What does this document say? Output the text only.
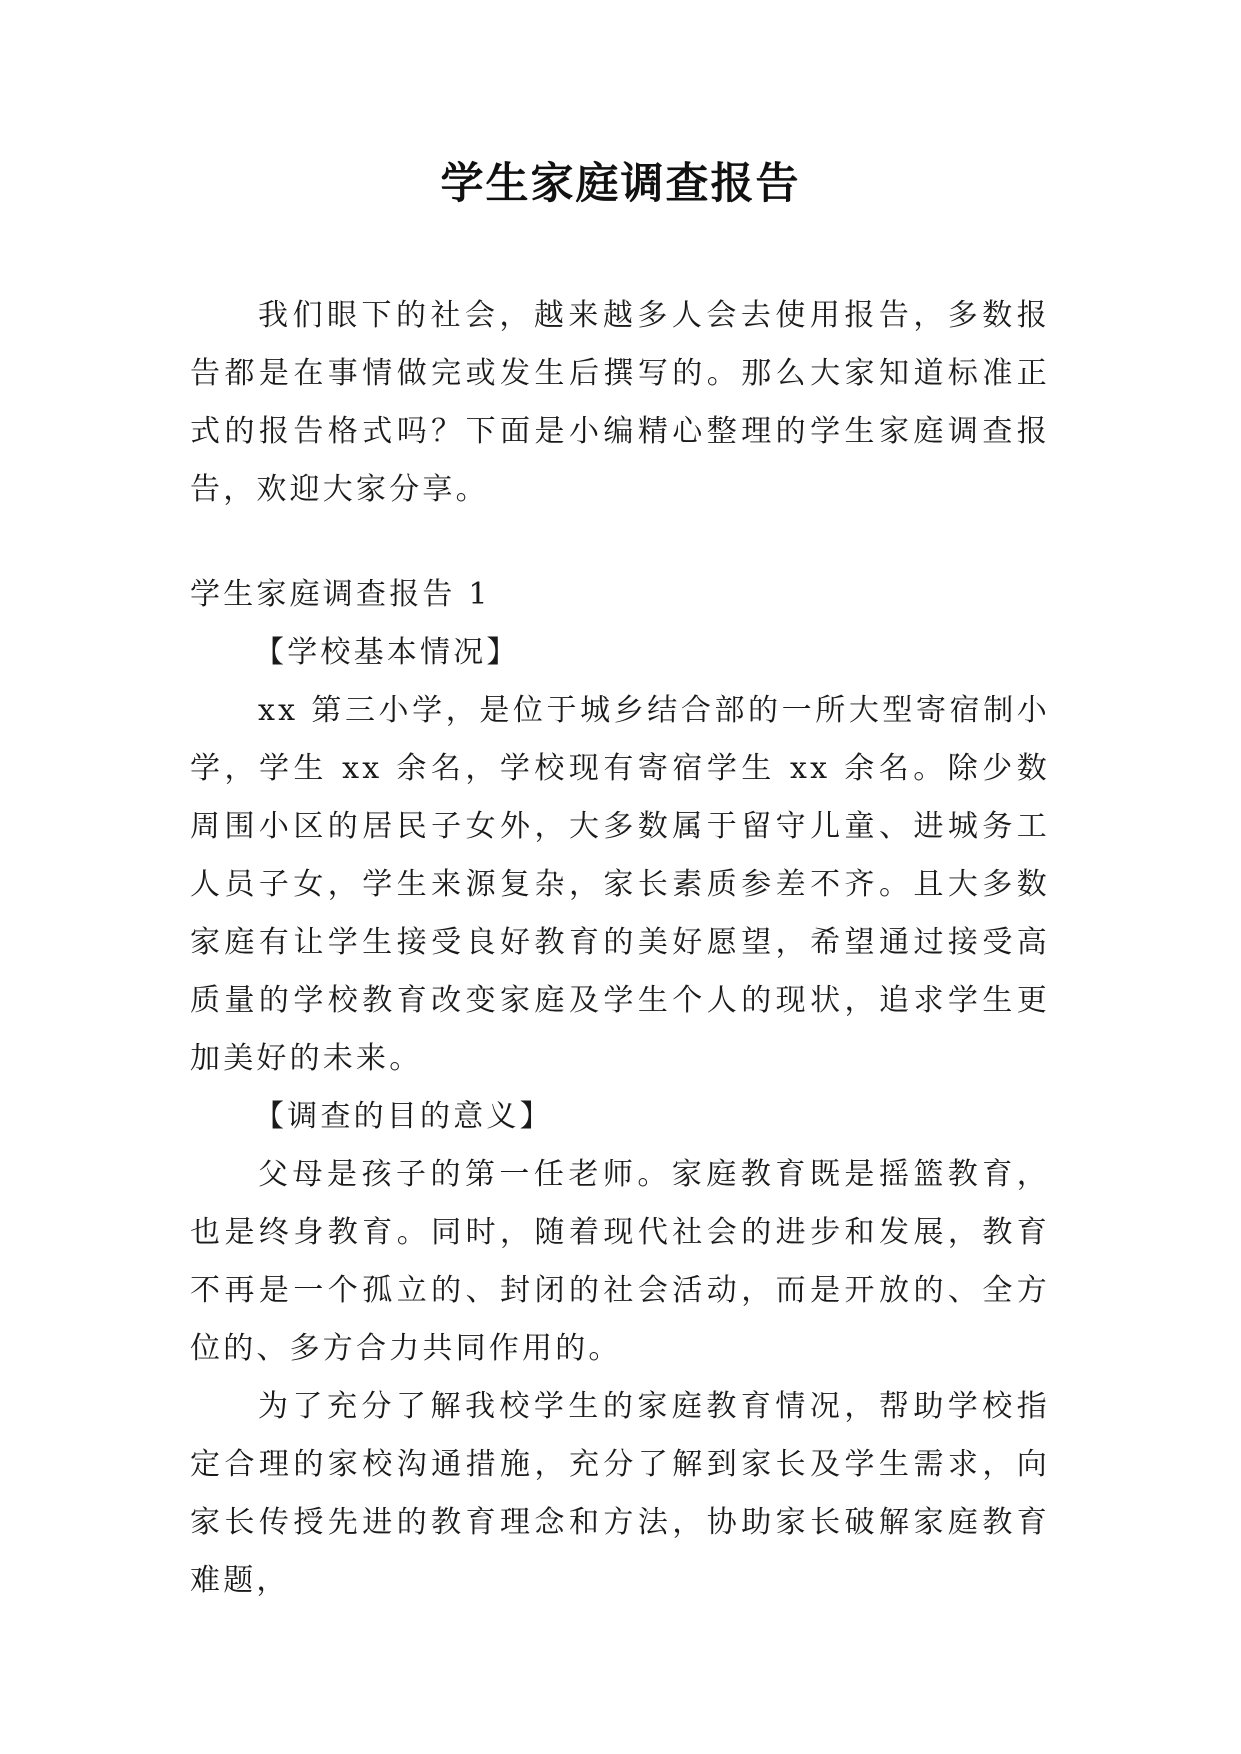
学生家庭调查报告

我们眼下的社会，越来越多人会去使用报告，多数报告都是在事情做完或发生后撰写的。那么大家知道标准正式的报告格式吗？下面是小编精心整理的学生家庭调查报告，欢迎大家分享。

学生家庭调查报告 1

【学校基本情况】

xx 第三小学，是位于城乡结合部的一所大型寄宿制小学，学生 xx 余名，学校现有寄宿学生 xx 余名。除少数周围小区的居民子女外，大多数属于留守儿童、进城务工人员子女，学生来源复杂，家长素质参差不齐。且大多数家庭有让学生接受良好教育的美好愿望，希望通过接受高质量的学校教育改变家庭及学生个人的现状，追求学生更加美好的未来。

【调查的目的意义】

父母是孩子的第一任老师。家庭教育既是摇篮教育，也是终身教育。同时，随着现代社会的进步和发展，教育不再是一个孤立的、封闭的社会活动，而是开放的、全方位的、多方合力共同作用的。

为了充分了解我校学生的家庭教育情况，帮助学校指定合理的家校沟通措施，充分了解到家长及学生需求，向家长传授先进的教育理念和方法，协助家长破解家庭教育难题，
